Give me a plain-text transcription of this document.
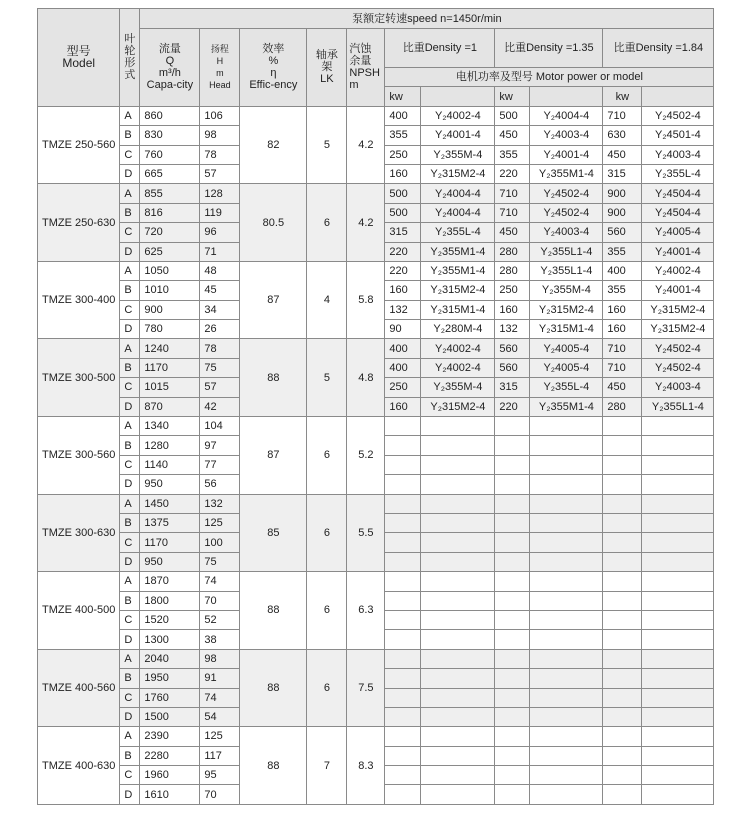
型号
Model	叶
轮
形
式	泵额定转速speed n=1450r/min										
		流量
Q
m³/h
Capa-city	扬程
H
m
Head	效率
%
η
Effic-ency	轴承架
LK	汽蚀
余量
NPSH
m	比重Density =1		比重Density =1.35		比重Density =1.84	
							电机功率及型号 Motor power or model					
							kw		kw		kw	
TMZE 250-560	A	860	106	82	5	4.2	400	Y₂4002-4	500	Y₂4004-4	710	Y₂4502-4
	B	830	98				355	Y₂4001-4	450	Y₂4003-4	630	Y₂4501-4
	C	760	78				250	Y₂355M-4	355	Y₂4001-4	450	Y₂4003-4
	D	665	57				160	Y₂315M2-4	220	Y₂355M1-4	315	Y₂355L-4
TMZE 250-630	A	855	128	80.5	6	4.2	500	Y₂4004-4	710	Y₂4502-4	900	Y₂4504-4
	B	816	119				500	Y₂4004-4	710	Y₂4502-4	900	Y₂4504-4
	C	720	96				315	Y₂355L-4	450	Y₂4003-4	560	Y₂4005-4
	D	625	71				220	Y₂355M1-4	280	Y₂355L1-4	355	Y₂4001-4
TMZE 300-400	A	1050	48	87	4	5.8	220	Y₂355M1-4	280	Y₂355L1-4	400	Y₂4002-4
	B	1010	45				160	Y₂315M2-4	250	Y₂355M-4	355	Y₂4001-4
	C	900	34				132	Y₂315M1-4	160	Y₂315M2-4	160	Y₂315M2-4
	D	780	26				90	Y₂280M-4	132	Y₂315M1-4	160	Y₂315M2-4
TMZE 300-500	A	1240	78	88	5	4.8	400	Y₂4002-4	560	Y₂4005-4	710	Y₂4502-4
	B	1170	75				400	Y₂4002-4	560	Y₂4005-4	710	Y₂4502-4
	C	1015	57				250	Y₂355M-4	315	Y₂355L-4	450	Y₂4003-4
	D	870	42				160	Y₂315M2-4	220	Y₂355M1-4	280	Y₂355L1-4
TMZE 300-560	A	1340	104	87	6	5.2						
	B	1280	97									
	C	1140	77									
	D	950	56									
TMZE 300-630	A	1450	132	85	6	5.5						
	B	1375	125									
	C	1170	100									
	D	950	75									
TMZE 400-500	A	1870	74	88	6	6.3						
	B	1800	70									
	C	1520	52									
	D	1300	38									
TMZE 400-560	A	2040	98	88	6	7.5						
	B	1950	91									
	C	1760	74									
	D	1500	54									
TMZE 400-630	A	2390	125	88	7	8.3						
	B	2280	117									
	C	1960	95									
	D	1610	70									
